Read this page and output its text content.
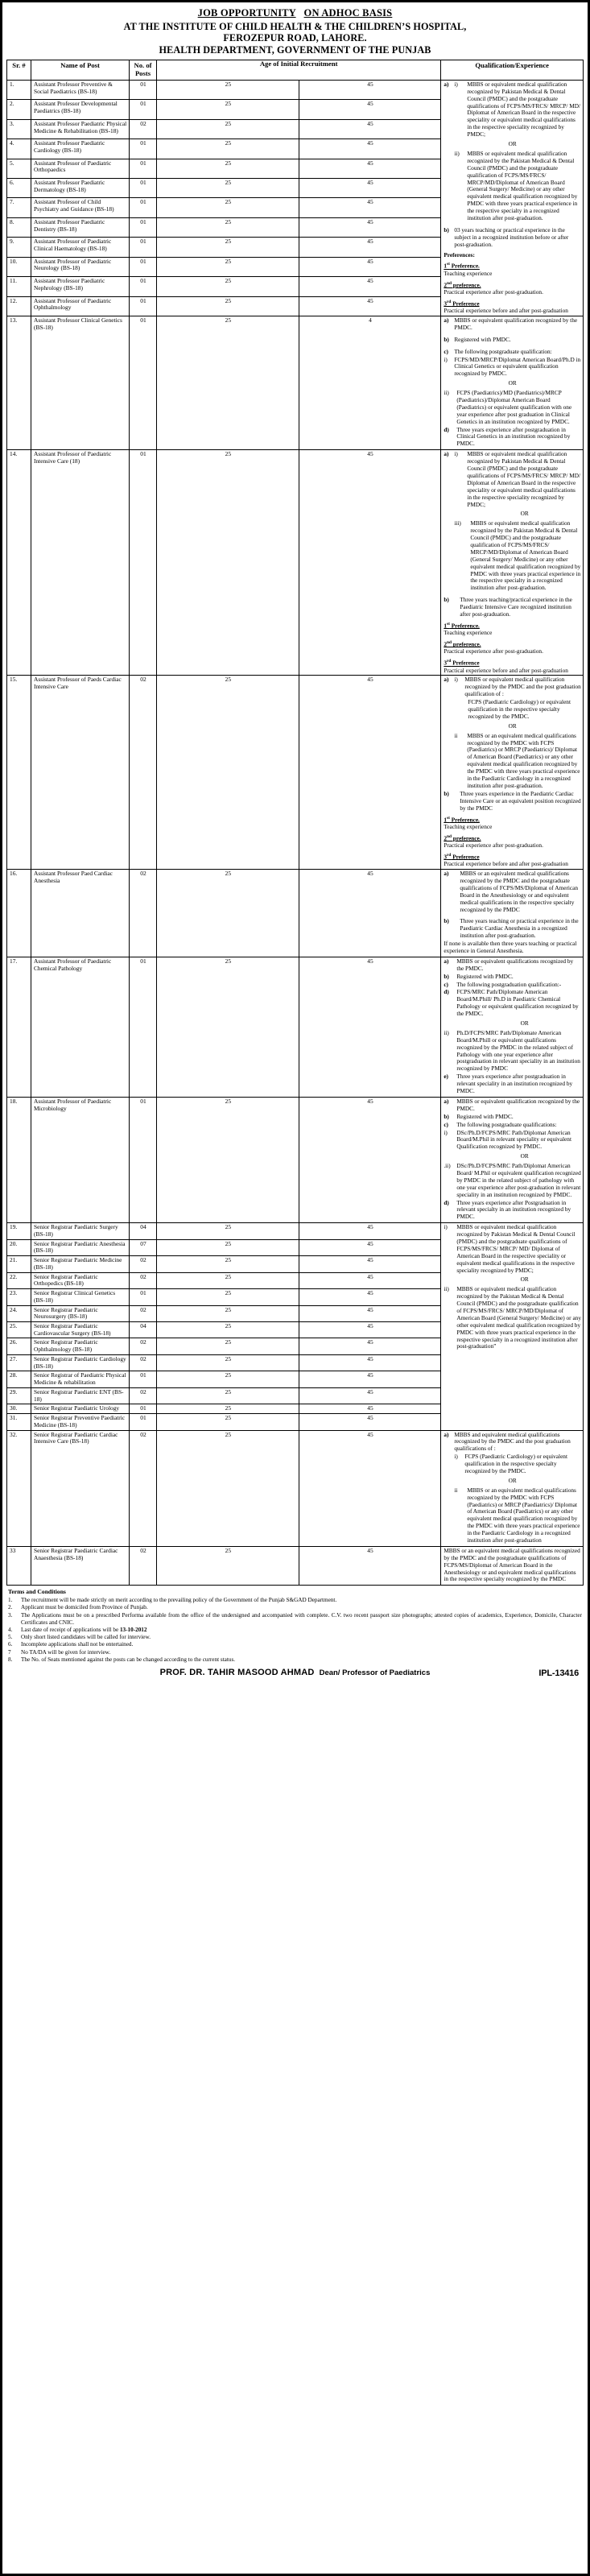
JOB OPPORTUNITY ON ADHOC BASIS
AT THE INSTITUTE OF CHILD HEALTH & THE CHILDREN’S HOSPITAL,
FEROZEPUR ROAD, LAHORE.
HEALTH DEPARTMENT, GOVERNMENT OF THE PUNJAB
Sr. #	Name of Post	No. of Posts	Age of Initial Recruitment		Qualification/Experience
1.	Assistant Professor Preventive & Social Paediatrics (BS-18)	01	25	45	a) i)	MBBS or equivalent medical qualification recognized by Pakistan Medical & Dental Council (PMDC) and the postgraduate qualifications of FCPS/MS/FRCS/ MRCP/ MD/ Diplomat of American Board in the respective speciality or equivalent medical qualifications in the respective speciality recognized by PMDC;
OR
ii)	MBBS or equivalent medical qualification recognized by the Pakistan Medical & Dental Council (PMDC) and the postgraduate qualification of FCPS/MS/FRCS/ MRCP/MD/Diplomat of American Board (General Surgery/ Medicine) or any other equivalent medical qualification recognized by PMDC with three years practical experience in the respective specialty in a recognized institution after post-graduation.
b) 03 years teaching or practical experience in the subject in a recognized institution before or after post-graduation.
Preferences:
1st Preference.
Teaching experience
2nd preference.
Practical experience after post-graduation.
3rd Preference
Practical experience before and after post-graduation

2.	Assistant Professor Developmental Paediatrics (BS-18)	01	25	45	
3.	Assistant Professor Paediatric Physical Medicine & Rehabilitation (BS-18)	02	25	45	
4.	Assistant Professor Paediatric Cardiology (BS-18)	01	25	45	
5.	Assistant Professor of Paediatric Orthopaedics	01	25	45	
6.	Assistant Professor Paediatric Dermatology (BS-18)	01	25	45	
7.	Assistant Professor of Child Psychiatry and Guidance (BS-18)	01	25	45	
8.	Assistant Professor Paediatric Dentistry (BS-18)	01	25	45	
9.	Assistant Professor of Paediatric Clinical Haematology (BS-18)	01	25	45	
10.	Assistant Professor of Paediatric Neurology (BS-18)	01	25	45	
11.	Assistant Professor Paediatric Nephrology (BS-18)	01	25	45	
12.	Assistant Professor of Paediatric Ophthalmology	01	25	45	
13.	Assistant Professor Clinical Genetics (BS-18)	01	25	4	a) MBBS or equivalent qualification recognized by the PMDC.
b) Registered with PMDC.
c)	The following postgraduate qualification:
i)	FCPS/MD/MRCP/Diplomat American Board/Ph.D in Clinical Genetics or equivalent qualification recognized by PMDC.
OR
ii)	FCPS (Paediatrics)/MD (Paediatrics)/MRCP (Paediatrics)/Diplomat American Board (Paediatrics) or equivalent qualification with one year experience after post graduation in Clinical Genetics in an institution recognized by PMDC.
d)	Three years experience after postgraduation in Clinical Genetics in an institution recognized by PMDC.

14.	Assistant Professor of Paediatric Intensive Care (18)	01	25	45	a) i)	MBBS or equivalent medical qualification recognized by Pakistan Medical & Dental Council (PMDC) and the postgraduate qualifications of FCPS/MS/FRCS/ MRCP/ MD/ Diplomat of American Board in the respective speciality or equivalent medical qualifications in the respective speciality recognized by PMDC;
OR
iii)	MBBS or equivalent medical qualification recognized by the Pakistan Medical & Dental Council (PMDC) and the postgraduate qualification of FCPS/MS/FRCS/ MRCP/MD/Diplomat of American Board (General Surgery/ Medicine) or any other equivalent medical qualification recognized by PMDC with three years practical experience in the respective specialty in a recognized institution after post-graduation.
b)	Three years teaching/practical experience in the Paediatric Intensive Care recognized institution after post-graduation.
1st Preference.
Teaching experience
2nd preference.
Practical experience after post-graduation.
3rd Preference
Practical experience before and after post-graduation

15.	Assistant Professor of Paeds Cardiac Intensive Care	02	25	45	a) i)	MBBS or equivalent medical qualification recognized by the PMDC and the post graduation qualification of :
FCPS (Paediatric Cardiology) or equivalent qualification in the respective specialty recognized by the PMDC.
OR
ii	MBBS or an equivalent medical qualifications recognized by the PMDC with FCPS (Paediatrics) or MRCP (Paediatrics)/ Diplomat of American Board (Paediatrics) or any other equivalent medical qualification recognized by the PMDC with three years practical experience in the Paediatric Cardiology in a recognized institution after post-graduation.
b)	Three years experience in the Paediatric Cardiac Intensive Care or an equivalent position recognized by the PMDC
1st Preference.
Teaching experience
2nd preference.
Practical experience after post-graduation.
3rd Preference
Practical experience before and after post-graduation

16.	Assistant Professor Paed Cardiac Anesthesia	02	25	45	a) MBBS or an equivalent medical qualifications recognized by the PMDC and the postgraduate qualifications of FCPS/MS/Diplomat of American Board in the Anesthesiology or and equivalent medical qualifications in the respective specialty recognized by the PMDC
b) Three years teaching or practical experience in the Paediatric Cardiac Anesthesia in a recognized institution after post-graduation.
If none is available then three years teaching or practical experience in General Anesthesia.

17.	Assistant Professor of Paediatric Chemical Pathology	01	25	45	a)	MBBS or equivalent qualifications recognized by the PMDC.
b)	Registered with PMDC.
c)	The following postgraduation qualification:-
d)	FCPS/MRC Path/Diplomate American Board/M.Phill/ Ph.D in Paediatric Chemical Pathology or equivalent qualification recognized by the PMDC.
OR
ii)	Ph.D/FCPS/MRC Path/Diplomate American Board/M.Phill or equivalent qualifications recognized by the PMDC in the related subject of Pathology with one year experience after postgraduation in relevant speciality in an institution recognized by PMDC
e)	Three years experience after postgraduation in relevant speciality in an institution recognized by PMDC.

18.	Assistant Professor of Paediatric Microbiology	01	25	45	a)	MBBS or equivalent qualification recognized by the PMDC.
b)	Registered with PMDC.
c)	The following postgraduate qualifications:
i)	DSc/Ph.D/FCPS/MRC Path/Diplomat American Board/M.Phil in relevant speciality or equivalent Qualification recognized by PMDC.
OR
.ii)	DSc/Ph.D/FCPS/MRC Path/Diplomat American Board/ M.Phil or equivalent qualification recognized by PMDC in the related subject of pathology with one year experience after post-graduation in relevant speciality in an institution recognized by PMDC.
d)	Three years experience after Postgraduation in relevant specialty in an institution recognized by PMDC.

19.	Senior Registrar Paediatric Surgery (BS-18)	04	25	45	i) MBBS or equivalent medical qualification recognized by Pakistan Medical & Dental Council (PMDC) and the postgraduate qualifications of FCPS/MS/FRCS/ MRCP/ MD/ Diplomat of American Board in the respective speciality or equivalent medical qualifications in the respective speciality recognized by PMDC;
OR
ii) MBBS or equivalent medical qualification recognized by the Pakistan Medical & Dental Council (PMDC) and the postgraduate qualification of FCPS/MS/FRCS/ MRCP/MD/Diplomat of American Board (General Surgery/ Medicine) or any other equivalent medical qualification recognized by PMDC with three years practical experience in the respective specialty in a recognized institution after post-graduation”

20.	Senior Registrar Paediatric Anesthesia (BS-18)	07	25	45	
21.	Senior Registrar Paediatric Medicine (BS-18)	02	25	45	
22.	Senior Registrar Paediatric Orthopedics (BS-18)	02	25	45	
23.	Senior Registrar Clinical Genetics (BS-18)	01	25	45	
24.	Senior Registrar Paediatric Neurosurgery (BS-18)	02	25	45	
25.	Senior Registrar Paediatric Cardiovascular Surgery (BS-18)	04	25	45	
26.	Senior Registrar Paediatric Ophthalmology (BS-18)	02	25	45	
27.	Senior Registrar Paediatric Cardiology (BS-18)	02	25	45	
28.	Senior Registrar of Paediatric Physical Medicine & rehabilitation	01	25	45	
29.	Senior Registrar Paediatric ENT (BS-18)	02	25	45	
30.	Senior Registrar Paediatric Urology	01	25	45	
31.	Senior Registrar Preventive Paediatric Medicine (BS-18)	01	25	45	
32.	Senior Registrar Paediatric Cardiac Intensive Care (BS-18)	02	25	45	a) MBBS and equivalent medical qualifications recognized by the PMDC and the post graduation qualifications of :
i)	FCPS (Paediatric Cardiology) or equivalent qualification in the respective specialty recognized by the PMDC.
OR
ii	MBBS or an equivalent medical qualifications recognized by the PMDC with FCPS (Paediatrics) or MRCP (Paediatrics)/ Diplomat of American Board (Paediatrics) or any other equivalent medical qualification recognized by the PMDC with three years practical experience in the Paediatric Cardiology in a recognized institution after post-graduation

33	Senior Registrar Paediatric Cardiac Anaesthesia (BS-18)	02	25	45	MBBS or an equivalent medical qualifications recognized by the PMDC and the postgraduate qualifications of FCPS/MS/Diplomat of American Board in the Anesthesiology or and equivalent medical qualifications in the respective specialty recognized by the PMDC
Terms and Conditions
1.	The recruitment will be made strictly on merit according to the prevailing policy of the Government of the Punjab S&GAD Department.
2.	Applicant must be domiciled from Province of Punjab.
3.	The Applications must be on a prescribed Performa available from the office of the undersigned and accompanied with complete. C.V. two recent passport size photographs; attested copies of academics, Experience, Domicile, Character Certificates and CNIC.
4.	Last date of receipt of applications will be 13-10-2012
5.	Only short listed candidates will be called for interview.
6.	Incomplete applications shall not be entertained.
7	No TA/DA will be given for interview.
8.	The No. of Seats mentioned against the posts can be changed according to the current status.
PROF. DR. TAHIR MASOOD AHMAD Dean/ Professor of Paediatrics	IPL-13416
